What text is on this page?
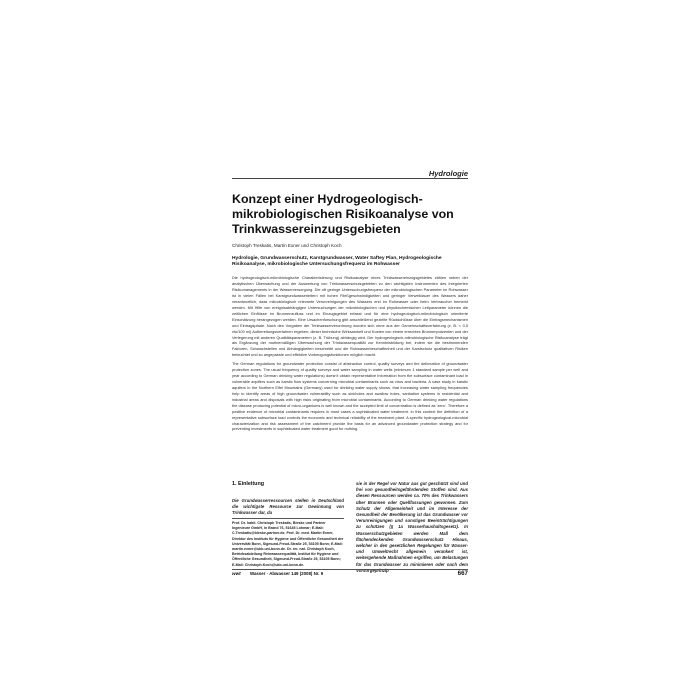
Hydrologie
Konzept einer Hydrogeologisch-mikrobiologischen Risikoanalyse von Trinkwassereinzugsgebieten
Christoph Treskatis, Martin Exner und Christoph Koch
Hydrologie, Grundwasserschutz, Karstgrundwasser, Water Saftey Plan, Hydrogeologische Risikoanalyse, mikrobiologische Untersuchungsfrequenz im Rohwasser
Die hydrogeologisch-mikrobiologische Charakterisierung und Risikoanalyse eines Trinkwassereinzugsgebietes zählen neben der analytischen Überwachung und der Auswertung von Trinkwasserschutzgebieten zu den wichtigsten Instrumenten des integrierten Risikomanagements in der Wasserversorgung. Die oft geringe Untersuchungsfrequenz der mikrobiologischen Parameter im Rohwasser ist in vielen Fällen bei Karstgrundwasserleitern mit hohen Fließgeschwindigkeiten und geringer Verweildauer des Wassers daher verantwortlich, dass mikrobiologisch relevante Verunreinigungen des Wassers erst im Rohwasser oder beim Verbraucher bemerkt werden. Mit Hilfe von ereignisabhängigen Untersuchungen der mikrobiologischen und physikochemischen Leitparameter können die zeitlichen Einflüsse im Brunnenzufluss und im Einzugsgebiet erfasst und für eine hydrogeologisch-mikrobiologisch orientierte Einschätzung herangezogen werden. Eine Ursachenforschung gibt anschließend gezielte Rückschlüsse über die Eintragsmechanismen und Eintragspfade. Nach den Vorgaben der Trinkwasserverordnung wurden sich ohne aus der Gemeinschaftsverfahrung (z. B. < 0,5 cfu/100 ml) Aufbereitungsverfahren ergeben; dieser technische Wirksamkeit und Kosten von einem errechtes Brunnenputzenten und der Verlegerung mit anderen Qualitätsparametern (z. B. Trübung) abhängig wird. Der hydrogeologisch-mikrobiologische Risikoanalyse trägt als Ergänzung der routinemäßigen Überwachung der Trinkwasserqualität zur Kenntnisbildung bei, indem sie die bestimmenden Faktoren, Schwachstellen und Abhängigkeiten beschreibt und die Rohwasserbeschaffenheit und der Karstschutz qualitativen Risiken beleuchtet und so angepasste und effektive Vorbeugungsfunktionen möglich macht.
The German regulations for groundwater protection consist of abstraction control, quality surveys and the delineation of groundwater protection zones. The usual frequency of quality surveys and water sampling in water wells (minimum 1 standard sample per well and year according to German drinking water regulations) doesn't obtain representative information from the subsurface contaminant load in vulnerable aquifers such as karstic flow systems concerning microbial contaminants such as virus and bacteria. A case study in karstic aquifers in the Northern Eifel Mountains (Germany) used for drinking water supply shows, that increasing water sampling frequencies help to identify areas of high groundwater vulnerability such as sinkholes and swallow holes, sanitation systems in residential and industrial areas and disposals with high risks originating from microbial contaminants. According to German drinking water regulations the disease producing potential of micro-organisms is well known and the accepted limit of concentration is defined as 'zero'. Therefore a positive evidence of microbial contaminants requires in most cases a sophisticated water treatment. In this context the definition of a representative subsurface load controls the economic and technical reliability of the treatment plant. A specific hydrogeological-microbial characterization and risk assessment of the catchment provide the basis for an advanced groundwater protection strategy and for preventing investments in sophisticated water treatment good for nothing.
1. Einleitung
Die Grundwasserressourcen stellen in Deutschland die wichtigste Ressource zur Gewinnung von Trinkwasser dar, da
Prof. Dr. habil. Christoph Treskatis, Bieske und Partner Ingenieure GmbH, In Brand 76, 51645 Lohmar; E-Mail: C.Treskatis@bieske-partner.de. Prof. Dr. med. Martin Exner, Direktor des Instituts für Hygiene und Öffentliche Gesundheit der Universität Bonn, Sigmund-Freud-Straße 25, 53105 Bonn; E-Mail: martin.exner@ukb.uni-bonn.de. Dr. rer. nat. Christoph Koch, Betriebsabteilung Reinwasserqualität, Institut für Hygiene und Öffentliche Gesundheit, Sigmund-Freud-Straße 25, 53105 Bonn; E-Mail: Christoph.Koch@ukb.uni-bonn.de.
sie in der Regel vor Natur aus gut geschützt sind und frei von gesundheitsgefährdenden Stoffen sind. Aus diesen Ressourcen werden ca. 70% des Trinkwassers über Brunnen oder Quellfassungen gewonnen. Zum Schutz der Allgemeinheit und im Interesse der Gesundheit der Bevölkerung ist das Grundwasser vor Verunreinigungen und sonstigen Beeinträchtigungen zu schützen (§ 1a Wasserhaushaltsgesetz). In Wasserschutzgebieten werden Maß dem flächendeckenden Grundwasserschutz Hinaus, welcher in den gesetzlichen Regelungen für Wasser- und Umweltrecht allgemein verankert ist, weitergehende Maßnahmen ergriffen, um Belastungen für das Grundwasser zu minimieren oder nach dem Vorsorgeprinzip
wwt Wasser · Abwasser 149 (2008) Nr. 9	667
